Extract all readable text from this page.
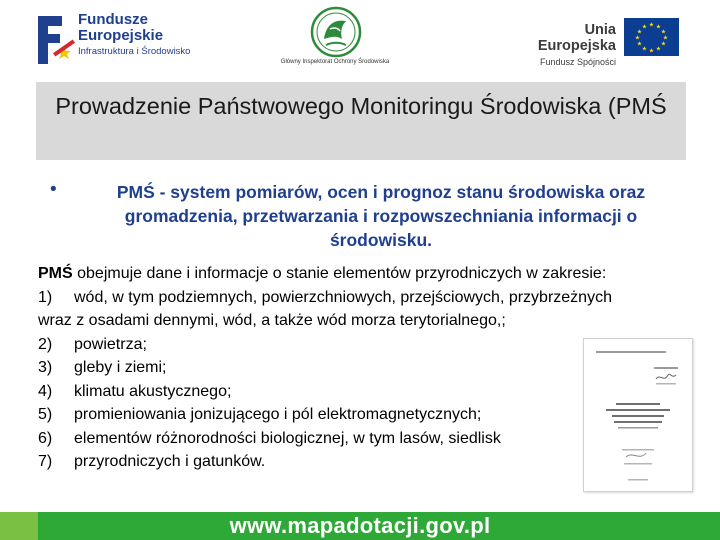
Fundusze
Europejskie
Infrastruktura i Środowisko
Główny Inspektorat Ochrony Środowiska
Unia Europejska
Fundusz Spójności
★ ★
★
★
★
★
★
★
★
★
★
★
Prowadzenie Państwowego Monitoringu Środowiska (PMŚ
•	PMŚ - system pomiarów, ocen i prognoz stanu środowiska oraz gromadzenia, przetwarzania i rozpowszechniania informacji o środowisku.

PMŚ obejmuje dane i informacje o stanie elementów przyrodniczych w zakresie:

1) wód, w tym podziemnych, powierzchniowych, przejściowych, przybrzeżnych
wraz z osadami dennymi, wód, a także wód morza terytorialnego,;

2) powietrza;

3) gleby i ziemi;

4) klimatu akustycznego;

5) promieniowania jonizującego i pól elektromagnetycznych;

6) elementów różnorodności biologicznej, w tym lasów, siedlisk

7) przyrodniczych i gatunków.

www.mapadotacji.gov.pl
